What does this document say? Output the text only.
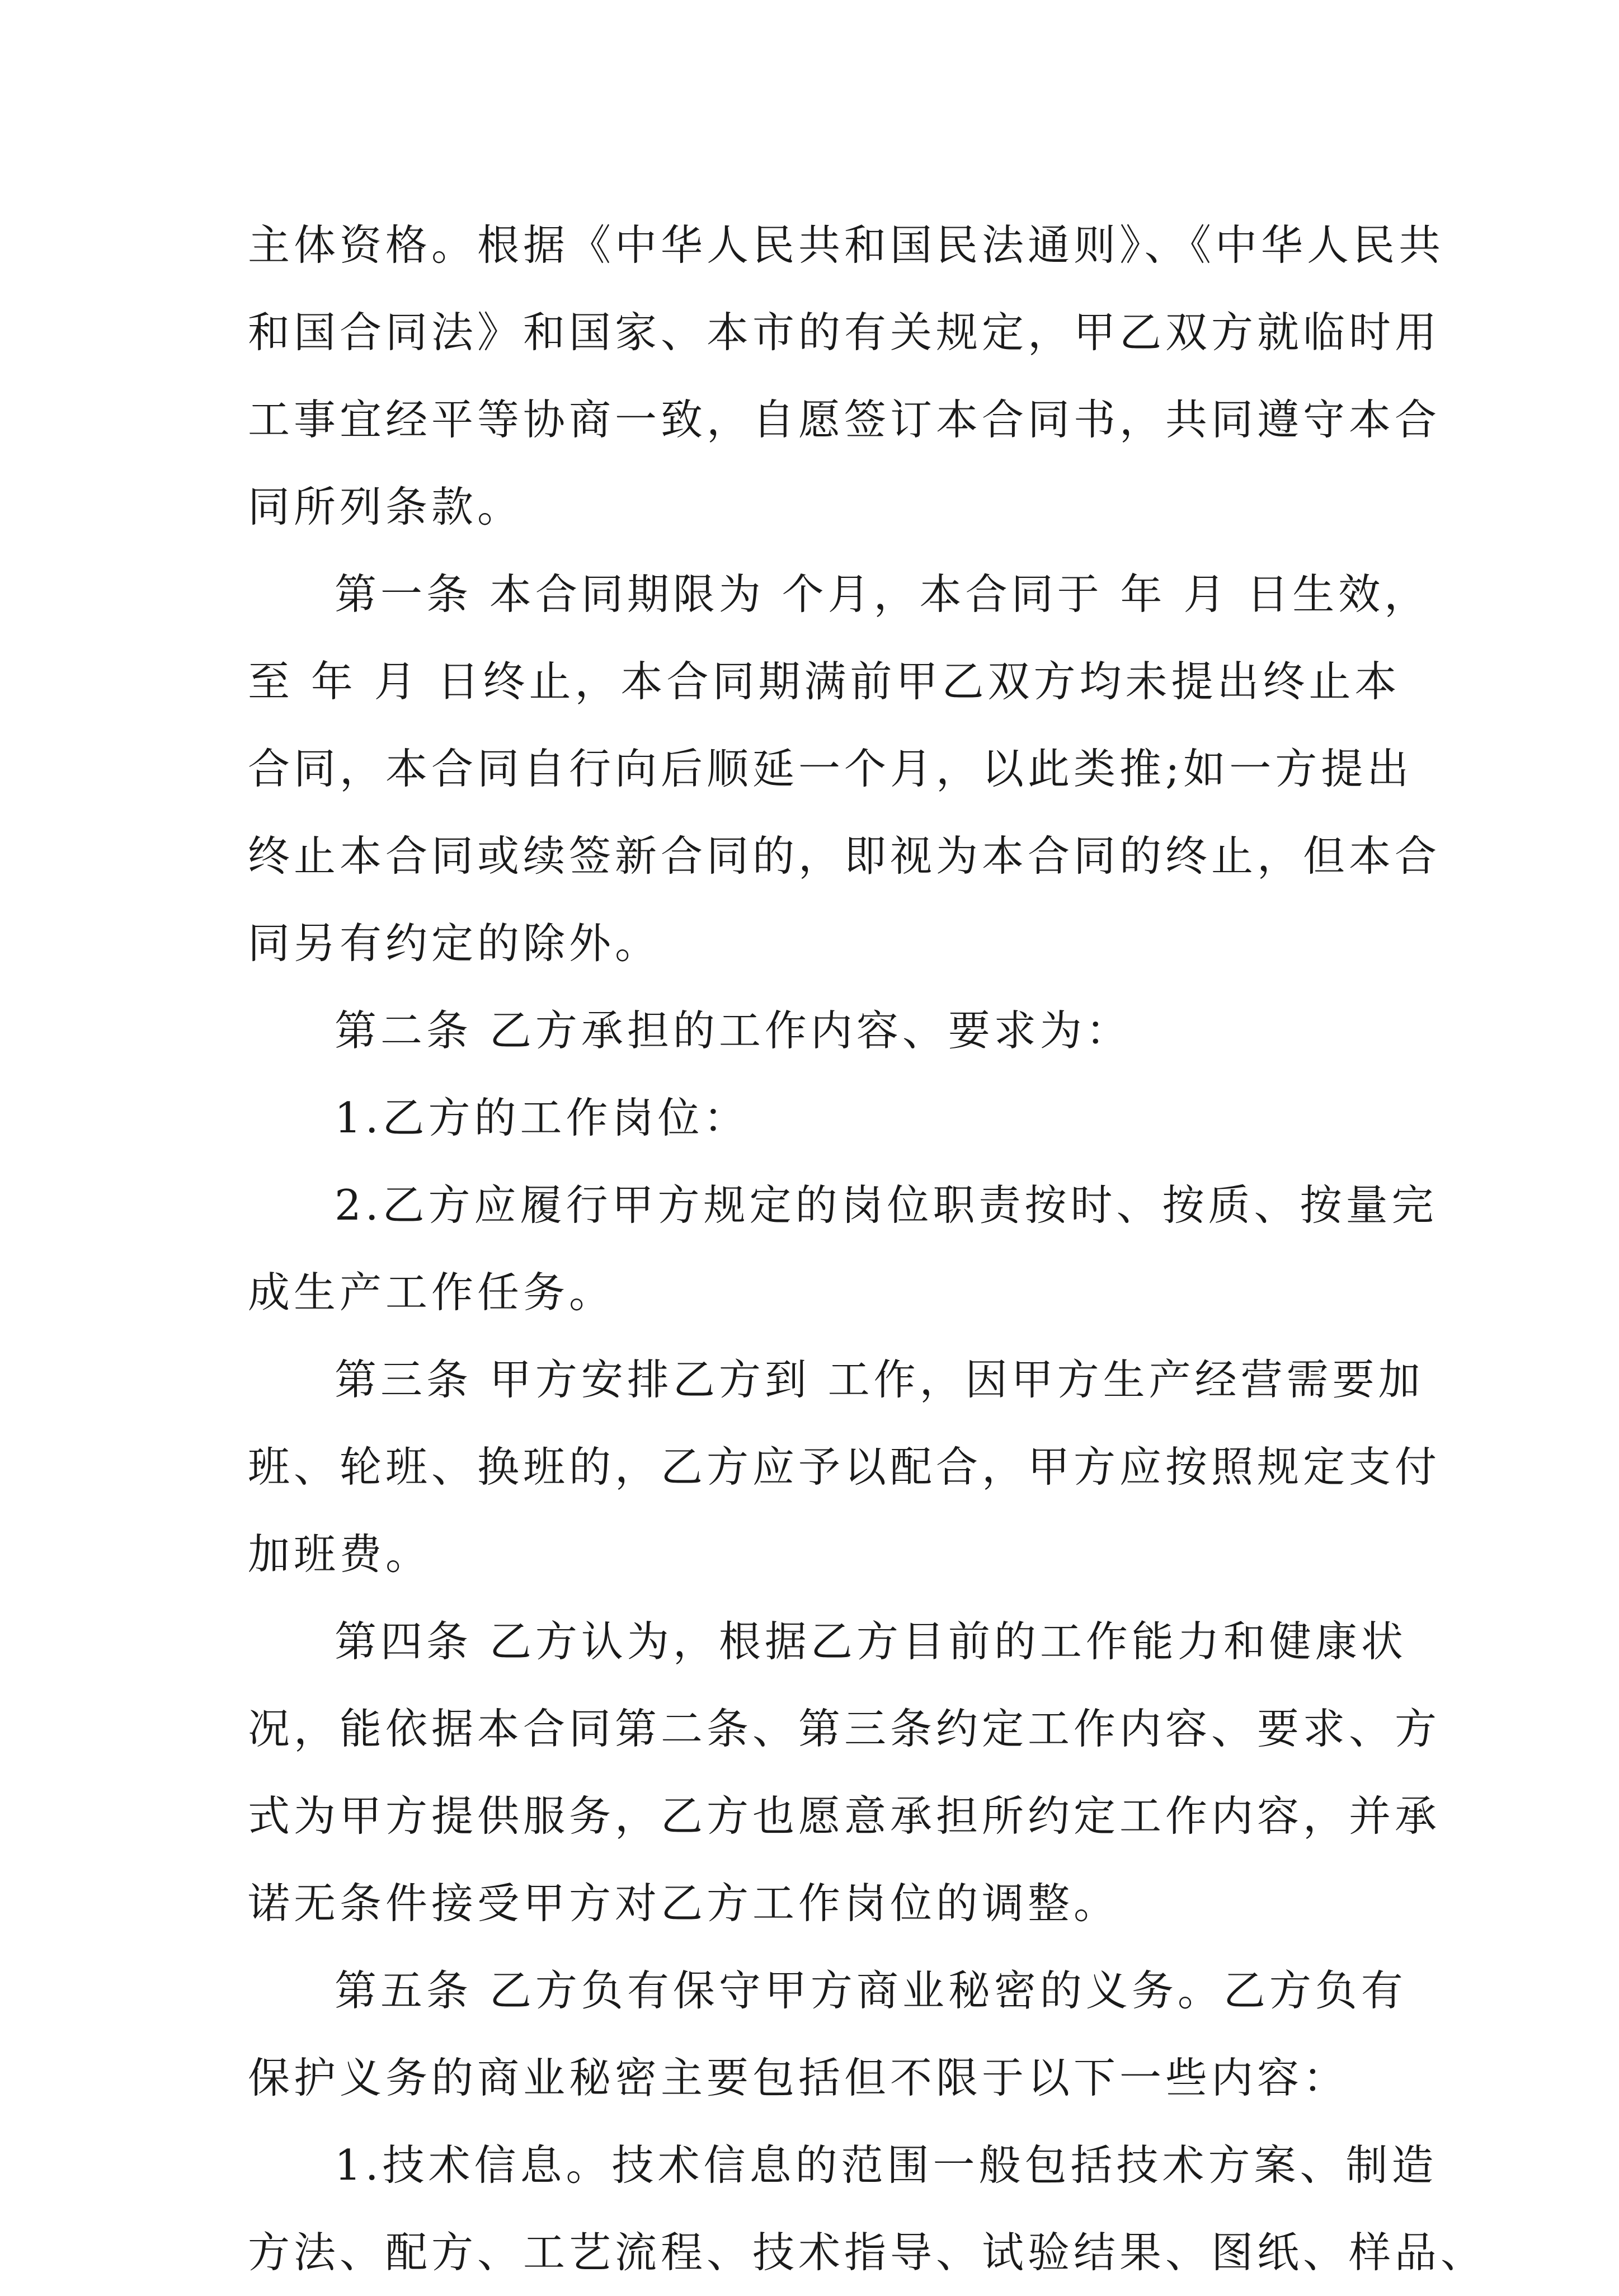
主体资格。根据《中华人民共和国民法通则》、《中华人民共
和国合同法》和国家、本市的有关规定，甲乙双方就临时用
工事宜经平等协商一致，自愿签订本合同书，共同遵守本合
同所列条款。
第一条 本合同期限为 个月，本合同于 年 月 日生效，
至 年 月 日终止，本合同期满前甲乙双方均未提出终止本
合同，本合同自行向后顺延一个月，以此类推;如一方提出
终止本合同或续签新合同的，即视为本合同的终止，但本合
同另有约定的除外。
第二条 乙方承担的工作内容、要求为：
1.乙方的工作岗位：
2.乙方应履行甲方规定的岗位职责按时、按质、按量完
成生产工作任务。
第三条 甲方安排乙方到 工作，因甲方生产经营需要加
班、轮班、换班的，乙方应予以配合，甲方应按照规定支付
加班费。
第四条 乙方认为，根据乙方目前的工作能力和健康状
况，能依据本合同第二条、第三条约定工作内容、要求、方
式为甲方提供服务，乙方也愿意承担所约定工作内容，并承
诺无条件接受甲方对乙方工作岗位的调整。
第五条 乙方负有保守甲方商业秘密的义务。乙方负有
保护义务的商业秘密主要包括但不限于以下一些内容：
1.技术信息。技术信息的范围一般包括技术方案、制造
方法、配方、工艺流程、技术指导、试验结果、图纸、样品、
